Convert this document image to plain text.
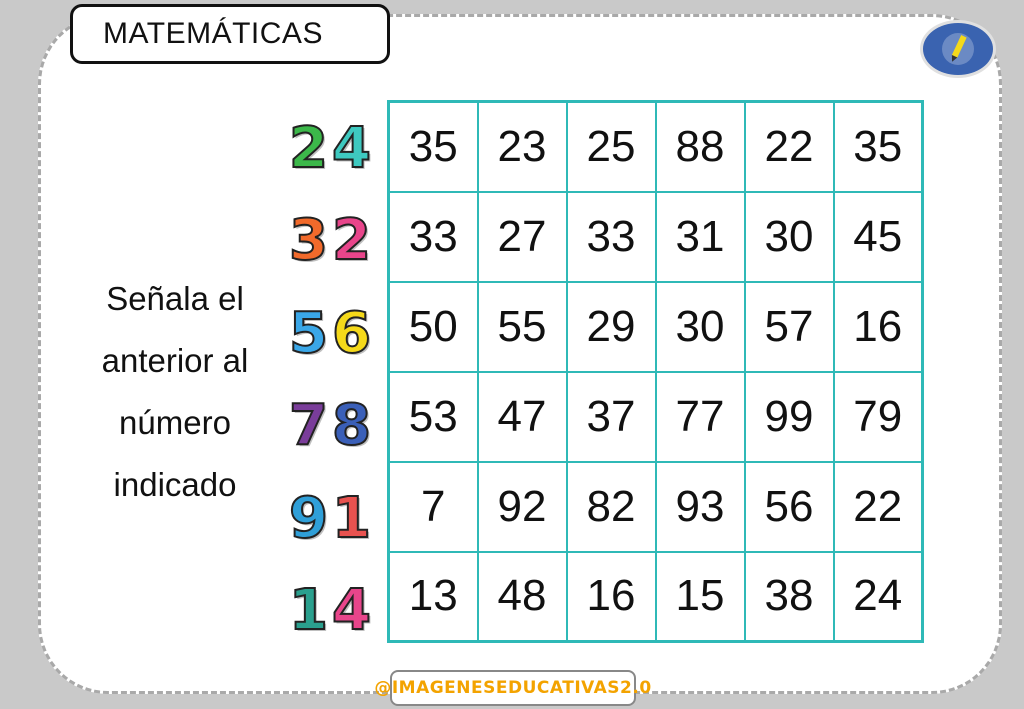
MATEMÁTICAS
Señala el
anterior al
número
indicado
2 4
3 2
5 6
7 8
9 1
1 4
35	23	25	88	22	35
33	27	33	31	30	45
50	55	29	30	57	16
53	47	37	77	99	79
7	92	82	93	56	22
13	48	16	15	38	24
@IMAGENESEDUCATIVAS2.0
